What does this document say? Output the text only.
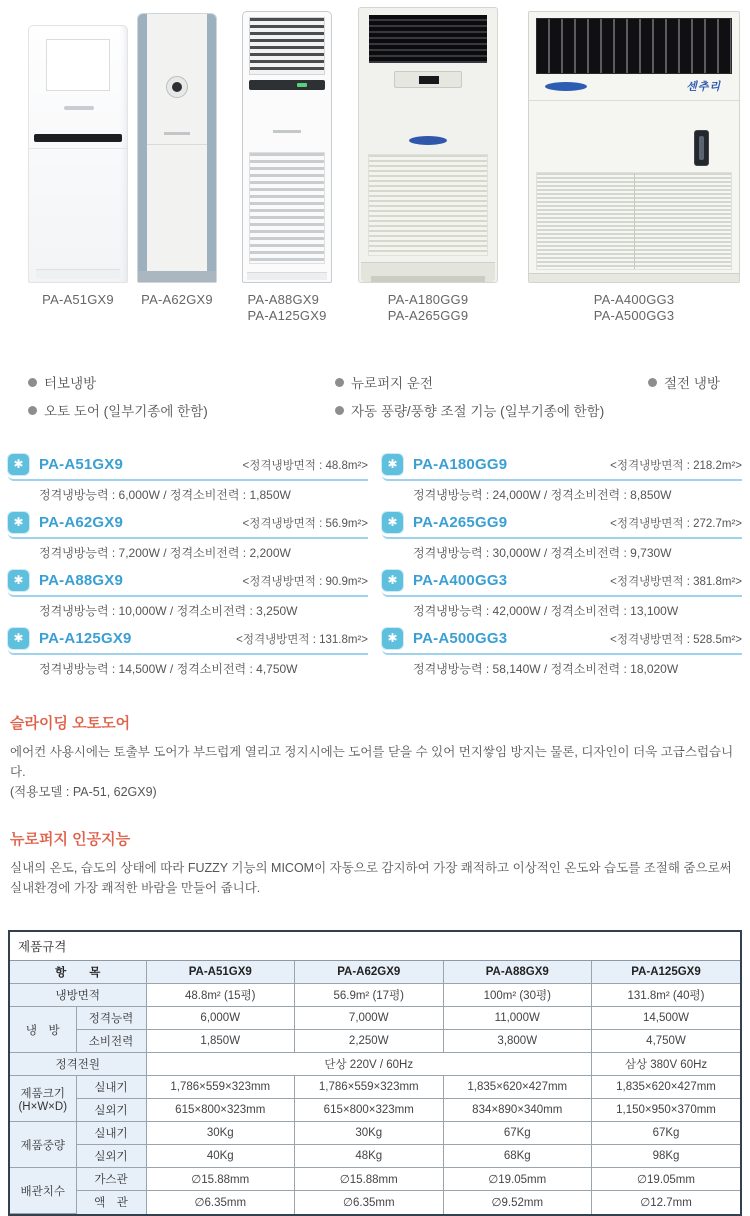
센추리
PA-A51GX9 PA-A62GX9	PA-A88GX9
PA-A125GX9
PA-A180GG9
PA-A265GG9
PA-A400GG3
PA-A500GG3
터보냉방
오토 도어 (일부기종에 한함)
뉴로퍼지 운전
자동 풍량/풍향 조절 기능 (일부기종에 한함)
절전 냉방
✱	PA-A51GX9	<정격냉방면적 : 48.8m²>
정격냉방능력 : 6,000W / 정격소비전력 : 1,850W
✱	PA-A62GX9	<정격냉방면적 : 56.9m²>
정격냉방능력 : 7,200W / 정격소비전력 : 2,200W
✱	PA-A88GX9	<정격냉방면적 : 90.9m²>
정격냉방능력 : 10,000W / 정격소비전력 : 3,250W
✱	PA-A125GX9	<정격냉방면적 : 131.8m²>
정격냉방능력 : 14,500W / 정격소비전력 : 4,750W
✱	PA-A180GG9	<정격냉방면적 : 218.2m²>
정격냉방능력 : 24,000W / 정격소비전력 : 8,850W
✱	PA-A265GG9	<정격냉방면적 : 272.7m²>
정격냉방능력 : 30,000W / 정격소비전력 : 9,730W
✱	PA-A400GG3	<정격냉방면적 : 381.8m²>
정격냉방능력 : 42,000W / 정격소비전력 : 13,100W
✱	PA-A500GG3	<정격냉방면적 : 528.5m²>
정격냉방능력 : 58,140W / 정격소비전력 : 18,020W
슬라이딩 오토도어

에어컨 사용시에는 토출부 도어가 부드럽게 열리고 정지시에는 도어를 닫을 수 있어 먼지쌓임 방지는 물론, 디자인이 더욱 고급스럽습니다.

(적용모델 : PA-51, 62GX9)

뉴로퍼지 인공지능

실내의 온도, 습도의 상태에 따라 FUZZY 기능의 MICOM이 자동으로 감지하여 가장 쾌적하고 이상적인 온도와 습도를 조절해 줌으로써 실내환경에 가장 쾌적한 바람을 만들어 줍니다.

제품규격					
항　　목		PA-A51GX9	PA-A62GX9	PA-A88GX9	PA-A125GX9
냉방면적		48.8m² (15평)	56.9m² (17평)	100m² (30평)	131.8m² (40평)
냉　방	정격능력	6,000W	7,000W	11,000W	14,500W
	소비전력	1,850W	2,250W	3,800W	4,750W
정격전원		단상 220V / 60Hz			삼상 380V 60Hz

제품크기
(H×W×D)	실내기	1,786×559×323mm	1,786×559×323mm	1,835×620×427mm	1,835×620×427mm
	실외기	615×800×323mm	615×800×323mm	834×890×340mm	1,150×950×370mm
제품중량	실내기	30Kg	30Kg	67Kg	67Kg
	실외기	40Kg	48Kg	68Kg	98Kg
배관치수	가스관	∅15.88mm	∅15.88mm	∅19.05mm	∅19.05mm
	액　관	∅6.35mm	∅6.35mm	∅9.52mm	∅12.7mm
